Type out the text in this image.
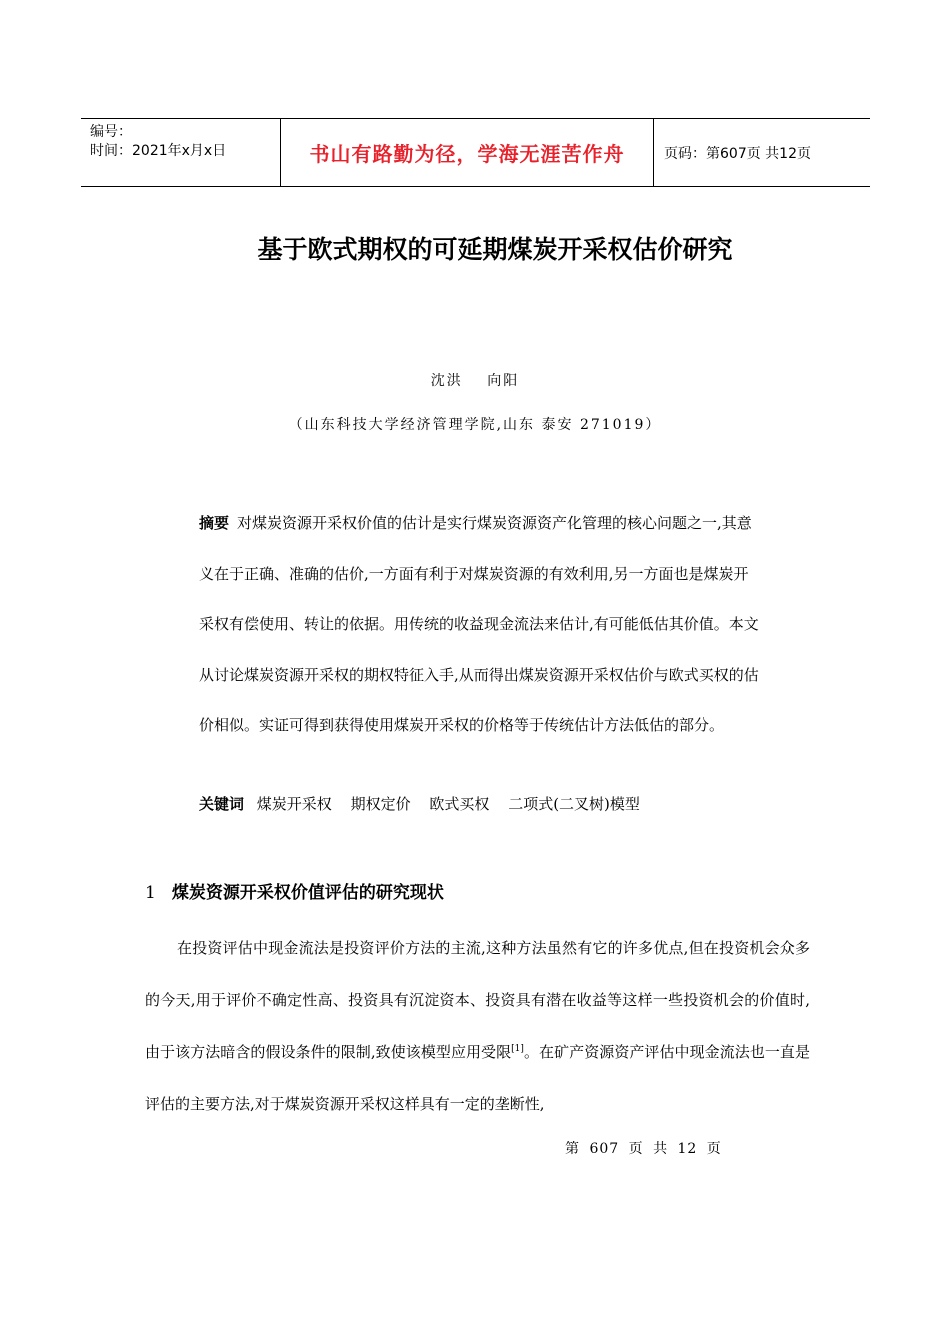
编号：
时间：2021年x月x日	书山有路勤为径，学海无涯苦作舟	页码：第607页 共12页
基于欧式期权的可延期煤炭开采权估价研究
沈洪 向阳
（山东科技大学经济管理学院,山东 泰安 271019）
摘要 对煤炭资源开采权价值的估计是实行煤炭资源资产化管理的核心问题之一,其意义在于正确、准确的估价,一方面有利于对煤炭资源的有效利用,另一方面也是煤炭开采权有偿使用、转让的依据。用传统的收益现金流法来估计,有可能低估其价值。本文从讨论煤炭资源开采权的期权特征入手,从而得出煤炭资源开采权估价与欧式买权的估价相似。实证可得到获得使用煤炭开采权的价格等于传统估计方法低估的部分。
关键词 煤炭开采权 期权定价 欧式买权 二项式(二叉树)模型
1 煤炭资源开采权价值评估的研究现状
在投资评估中现金流法是投资评价方法的主流,这种方法虽然有它的许多优点,但在投资机会众多的今天,用于评价不确定性高、投资具有沉淀资本、投资具有潜在收益等这样一些投资机会的价值时,由于该方法暗含的假设条件的限制,致使该模型应用受限[1]。在矿产资源资产评估中现金流法也一直是评估的主要方法,对于煤炭资源开采权这样具有一定的垄断性,
第 607 页 共 12 页
